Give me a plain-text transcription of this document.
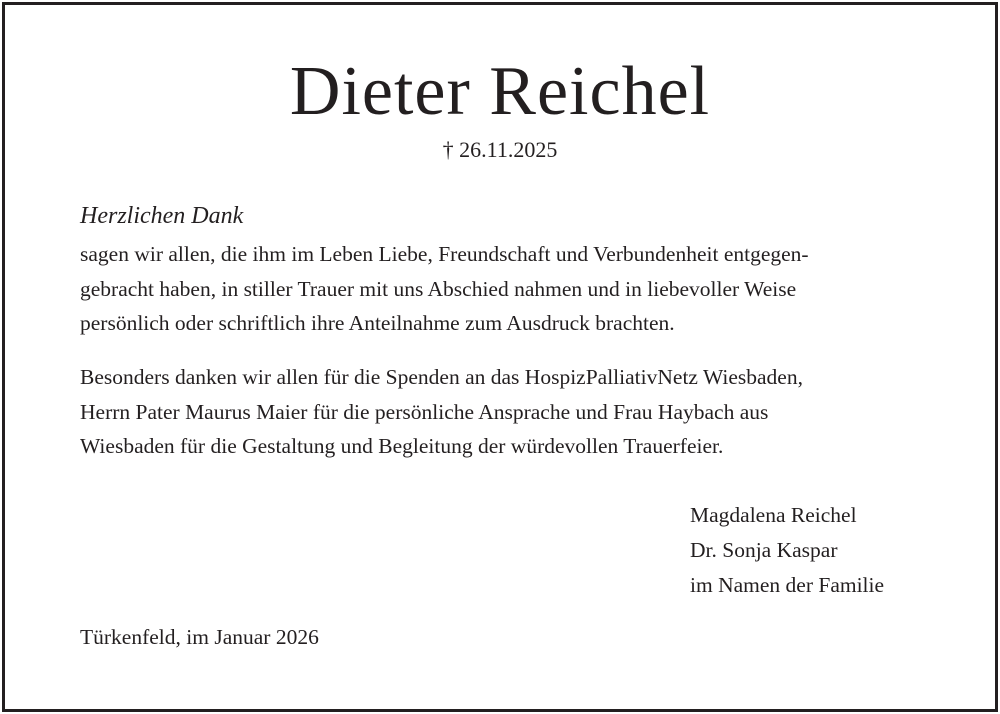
Dieter Reichel
† 26.11.2025
Herzlichen Dank
sagen wir allen, die ihm im Leben Liebe, Freundschaft und Verbundenheit entgegen-
gebracht haben, in stiller Trauer mit uns Abschied nahmen und in liebevoller Weise
persönlich oder schriftlich ihre Anteilnahme zum Ausdruck brachten.
Besonders danken wir allen für die Spenden an das HospizPalliativNetz Wiesbaden,
Herrn Pater Maurus Maier für die persönliche Ansprache und Frau Haybach aus
Wiesbaden für die Gestaltung und Begleitung der würdevollen Trauerfeier.
Magdalena Reichel
Dr. Sonja Kaspar
im Namen der Familie
Türkenfeld, im Januar 2026
